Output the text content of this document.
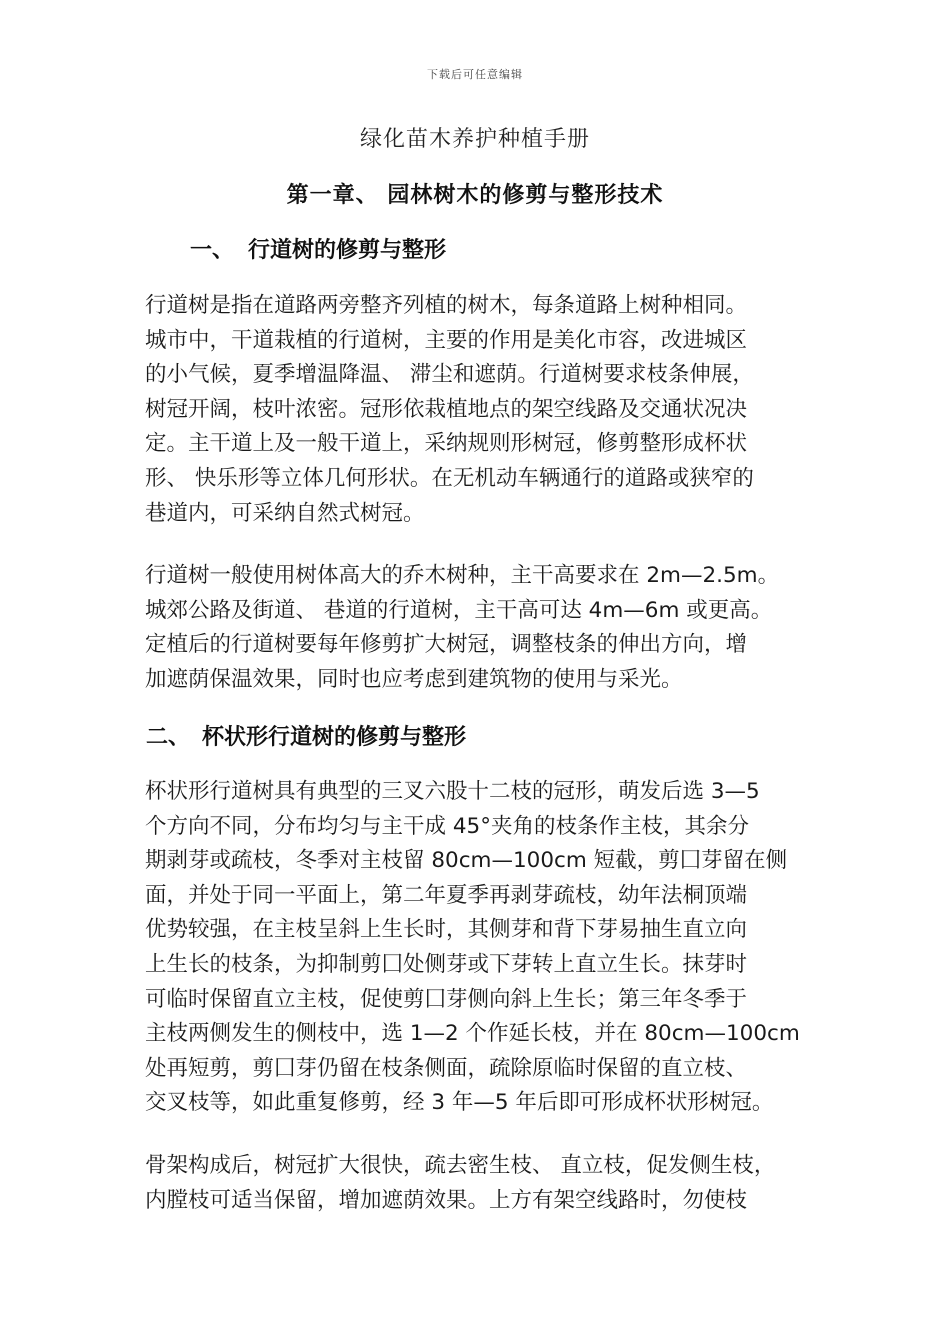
下载后可任意编辑
绿化苗木养护种植手册
第一章、 园林树木的修剪与整形技术
一、 行道树的修剪与整形
行道树是指在道路两旁整齐列植的树木，每条道路上树种相同。
城市中，干道栽植的行道树，主要的作用是美化市容，改进城区
的小气候，夏季增温降温、 滞尘和遮荫。行道树要求枝条伸展，
树冠开阔，枝叶浓密。冠形依栽植地点的架空线路及交通状况决
定。主干道上及一般干道上，采纳规则形树冠，修剪整形成杯状
形、 快乐形等立体几何形状。在无机动车辆通行的道路或狭窄的
巷道内，可采纳自然式树冠。
行道树一般使用树体高大的乔木树种，主干高要求在 2m—2.5m。
城郊公路及街道、 巷道的行道树，主干高可达 4m—6m 或更高。
定植后的行道树要每年修剪扩大树冠，调整枝条的伸出方向，增
加遮荫保温效果，同时也应考虑到建筑物的使用与采光。
二、 杯状形行道树的修剪与整形
杯状形行道树具有典型的三叉六股十二枝的冠形，萌发后选 3—5
个方向不同，分布均匀与主干成 45°夹角的枝条作主枝，其余分
期剥芽或疏枝，冬季对主枝留 80cm—100cm 短截，剪囗芽留在侧
面，并处于同一平面上，第二年夏季再剥芽疏枝，幼年法桐顶端
优势较强，在主枝呈斜上生长时，其侧芽和背下芽易抽生直立向
上生长的枝条，为抑制剪囗处侧芽或下芽转上直立生长。抹芽时
可临时保留直立主枝，促使剪囗芽侧向斜上生长；第三年冬季于
主枝两侧发生的侧枝中，选 1—2 个作延长枝，并在 80cm—100cm
处再短剪，剪囗芽仍留在枝条侧面，疏除原临时保留的直立枝、
交叉枝等，如此重复修剪，经 3 年—5 年后即可形成杯状形树冠。
骨架构成后，树冠扩大很快，疏去密生枝、 直立枝，促发侧生枝，
内膛枝可适当保留，增加遮荫效果。上方有架空线路时，勿使枝
